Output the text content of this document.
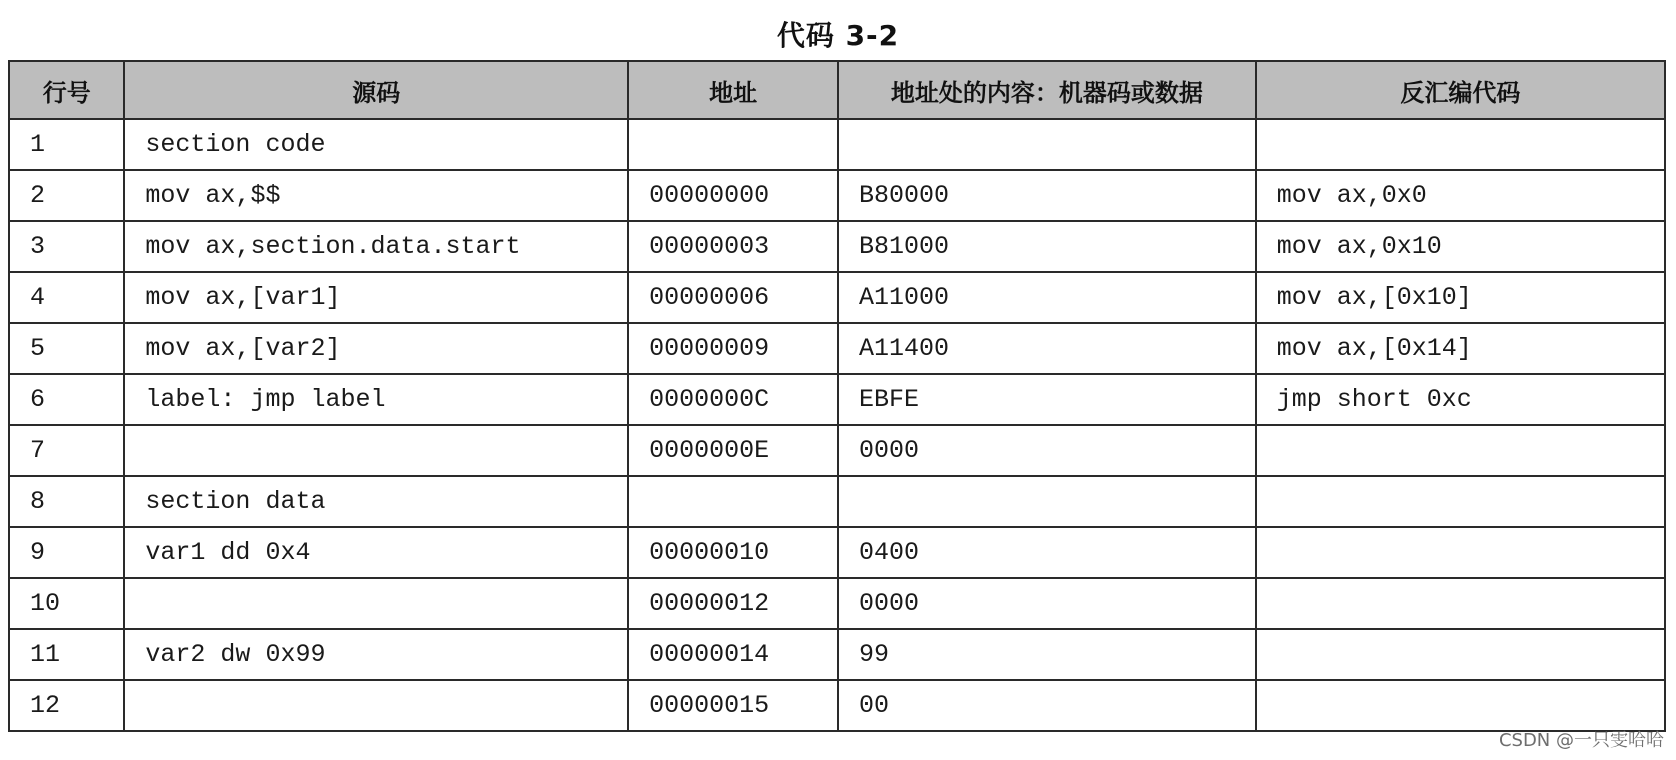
代码 3-2
行号	源码	地址	地址处的内容：机器码或数据	反汇编代码
1	section code			
2	mov ax,$$	00000000	B80000	mov ax,0x0
3	mov ax,section.data.start	00000003	B81000	mov ax,0x10
4	mov ax,[var1]	00000006	A11000	mov ax,[0x10]
5	mov ax,[var2]	00000009	A11400	mov ax,[0x14]
6	label: jmp label	0000000C	EBFE	jmp short 0xc
7		0000000E	0000	
8	section data			
9	var1 dd 0x4	00000010	0400	
10		00000012	0000	
11	var2 dw 0x99	00000014	99	
12		00000015	00	
CSDN @一只雯哈哈
